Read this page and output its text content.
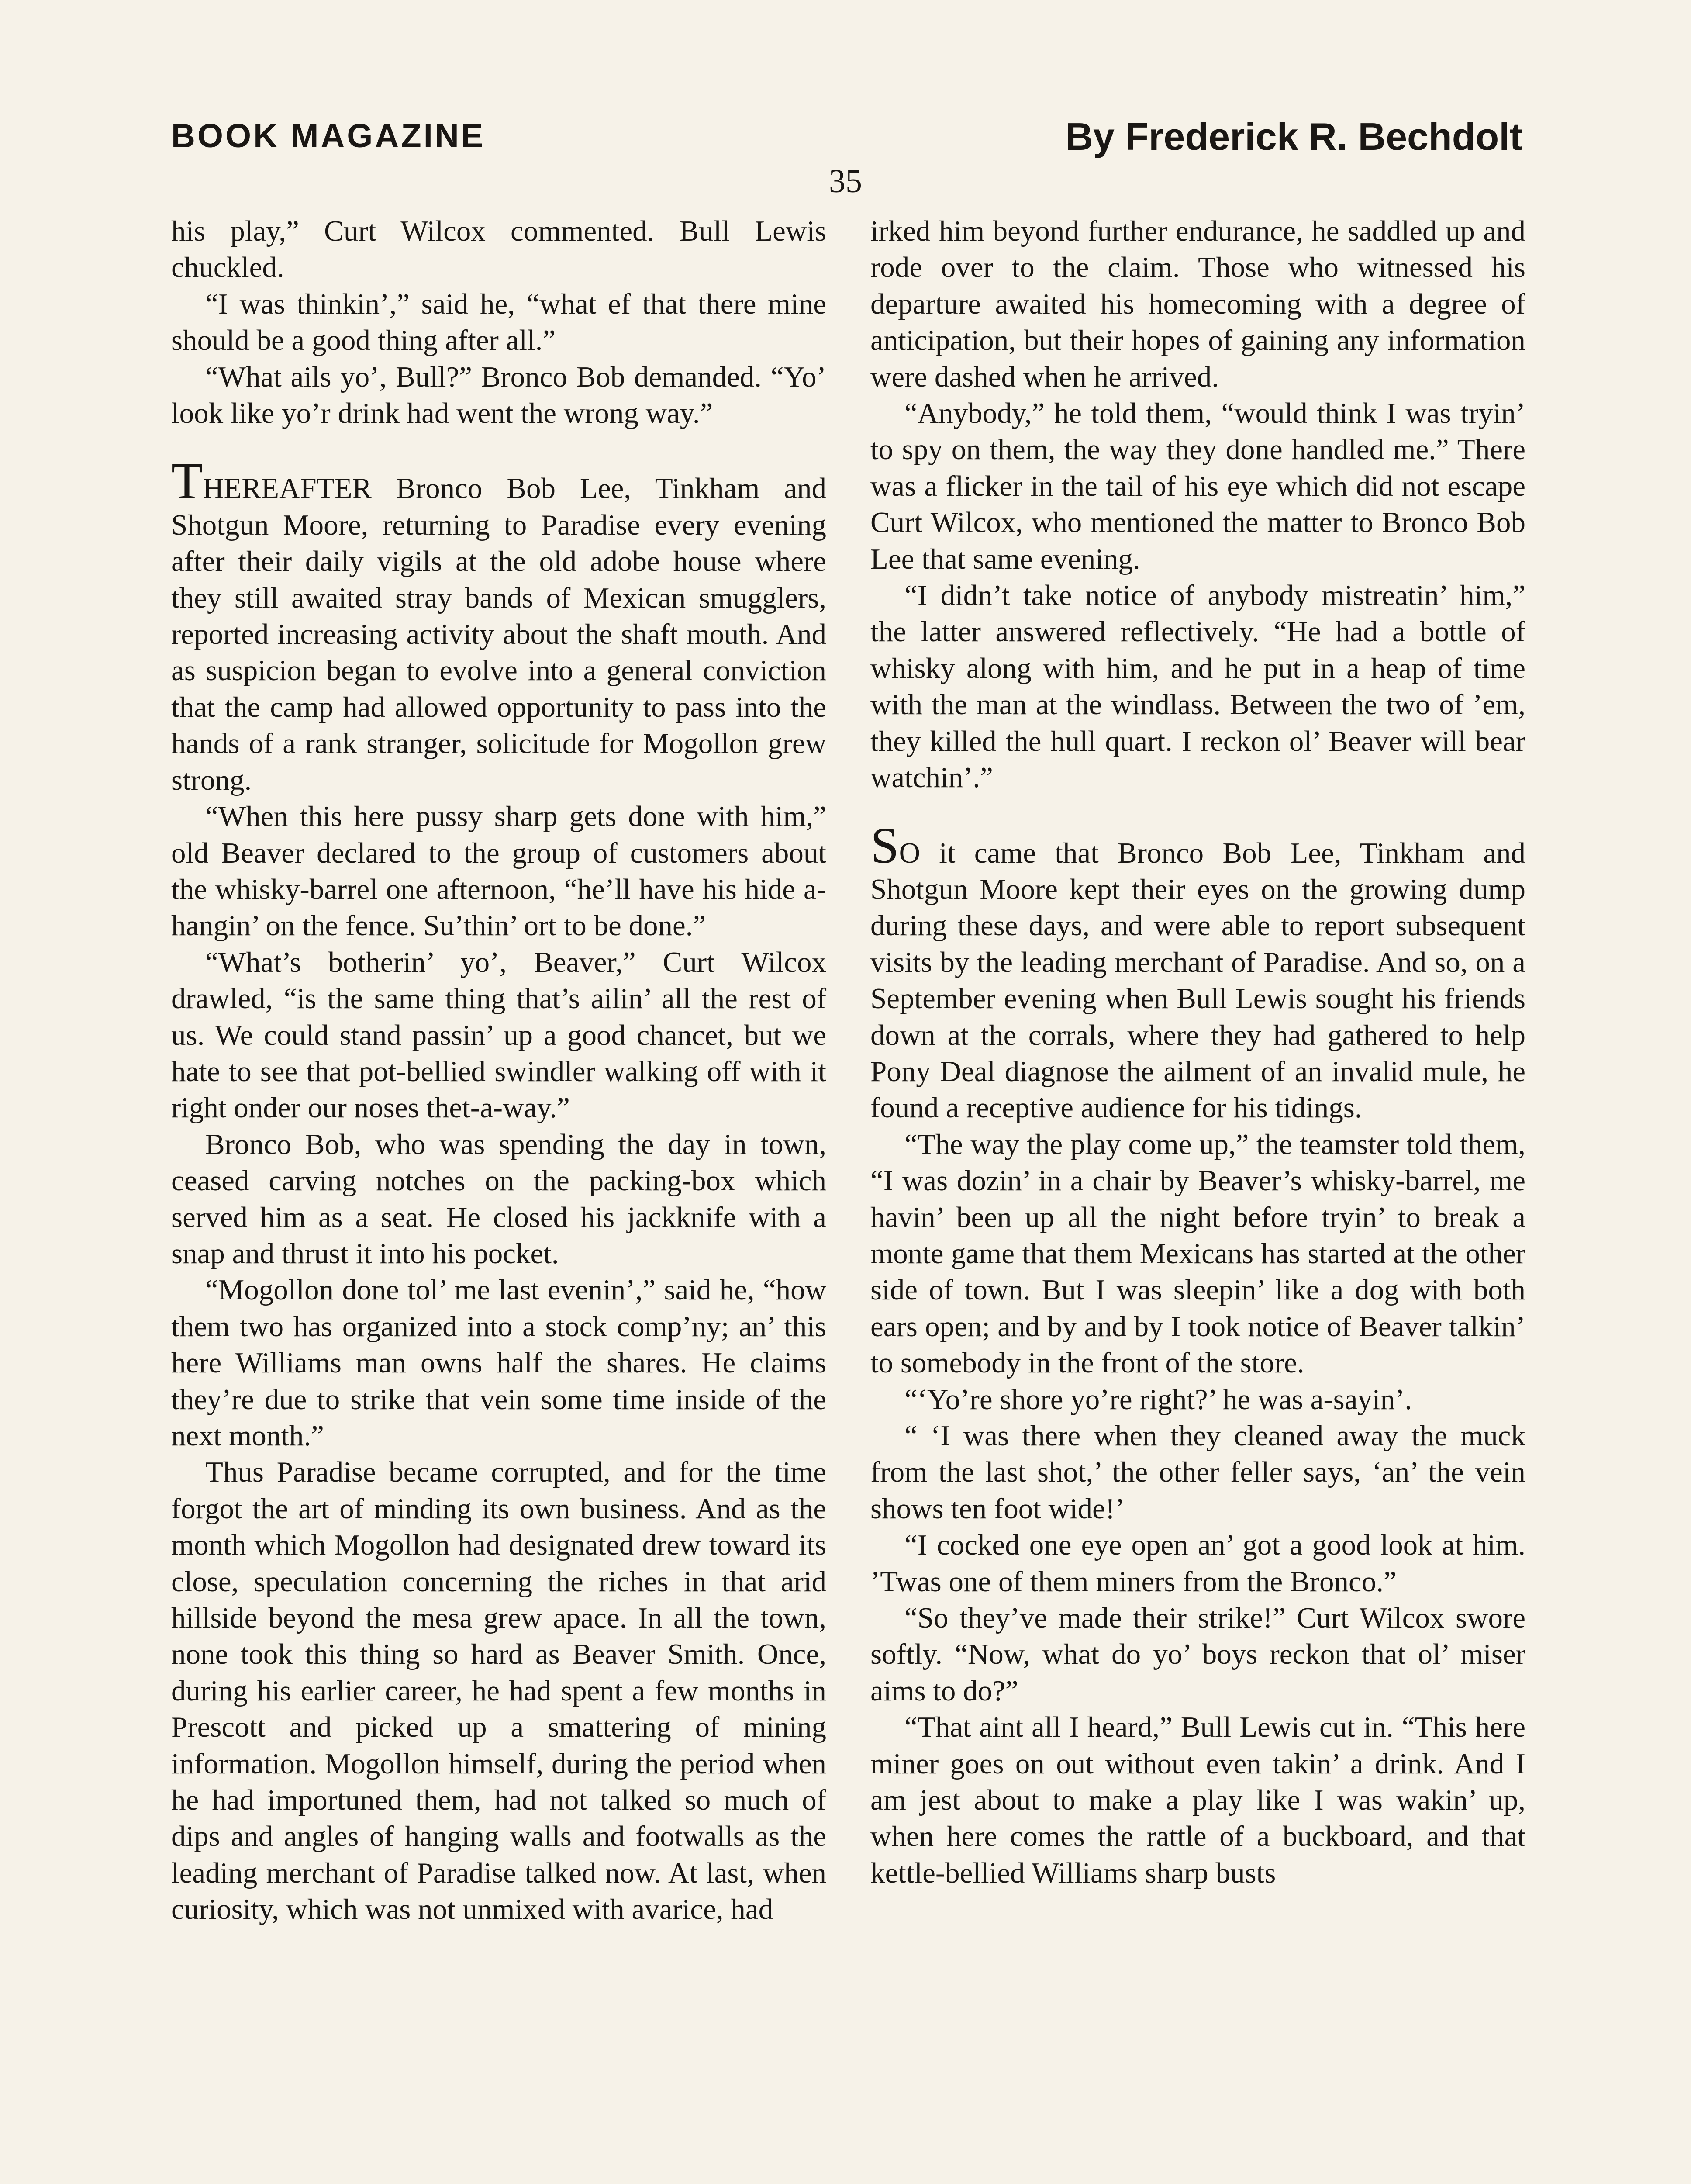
BOOK MAGAZINE	By Frederick R. Bechdolt
35

his play,” Curt Wilcox commented. Bull Lewis chuckled.

“I was thinkin’,” said he, “what ef that there mine should be a good thing after all.”

“What ails yo’, Bull?” Bronco Bob demanded. “Yo’ look like yo’r drink had went the wrong way.”

THEREAFTER Bronco Bob Lee, Tinkham and Shotgun Moore, returning to Paradise every evening after their daily vigils at the old adobe house where they still awaited stray bands of Mexican smugglers, reported increasing activity about the shaft mouth. And as suspicion began to evolve into a general conviction that the camp had allowed opportunity to pass into the hands of a rank stranger, solicitude for Mogollon grew strong.

“When this here pussy sharp gets done with him,” old Beaver declared to the group of customers about the whisky-barrel one afternoon, “he’ll have his hide a-hangin’ on the fence. Su’thin’ ort to be done.”

“What’s botherin’ yo’, Beaver,” Curt Wilcox drawled, “is the same thing that’s ailin’ all the rest of us. We could stand passin’ up a good chancet, but we hate to see that pot-bellied swindler walking off with it right onder our noses thet-a-way.”

Bronco Bob, who was spending the day in town, ceased carving notches on the packing-box which served him as a seat. He closed his jackknife with a snap and thrust it into his pocket.

“Mogollon done tol’ me last evenin’,” said he, “how them two has organized into a stock comp’ny; an’ this here Williams man owns half the shares. He claims they’re due to strike that vein some time inside of the next month.”

Thus Paradise became corrupted, and for the time forgot the art of minding its own business. And as the month which Mogollon had designated drew toward its close, speculation concerning the riches in that arid hillside beyond the mesa grew apace. In all the town, none took this thing so hard as Beaver Smith. Once, during his earlier career, he had spent a few months in Prescott and picked up a smattering of mining information. Mogollon himself, during the period when he had importuned them, had not talked so much of dips and angles of hanging walls and footwalls as the leading merchant of Paradise talked now. At last, when curiosity, which was not unmixed with avarice, had

irked him beyond further endurance, he saddled up and rode over to the claim. Those who witnessed his departure awaited his homecoming with a degree of anticipation, but their hopes of gaining any information were dashed when he arrived.

“Anybody,” he told them, “would think I was tryin’ to spy on them, the way they done handled me.” There was a flicker in the tail of his eye which did not escape Curt Wilcox, who mentioned the matter to Bronco Bob Lee that same evening.

“I didn’t take notice of anybody mistreatin’ him,” the latter answered reflectively. “He had a bottle of whisky along with him, and he put in a heap of time with the man at the windlass. Between the two of ’em, they killed the hull quart. I reckon ol’ Beaver will bear watchin’.”

SO it came that Bronco Bob Lee, Tinkham and Shotgun Moore kept their eyes on the growing dump during these days, and were able to report subsequent visits by the leading merchant of Paradise. And so, on a September evening when Bull Lewis sought his friends down at the corrals, where they had gathered to help Pony Deal diagnose the ailment of an invalid mule, he found a receptive audience for his tidings.

“The way the play come up,” the teamster told them, “I was dozin’ in a chair by Beaver’s whisky-barrel, me havin’ been up all the night before tryin’ to break a monte game that them Mexicans has started at the other side of town. But I was sleepin’ like a dog with both ears open; and by and by I took notice of Beaver talkin’ to somebody in the front of the store.

“‘Yo’re shore yo’re right?’ he was a-sayin’.

“ ‘I was there when they cleaned away the muck from the last shot,’ the other feller says, ‘an’ the vein shows ten foot wide!’

“I cocked one eye open an’ got a good look at him. ’Twas one of them miners from the Bronco.”

“So they’ve made their strike!” Curt Wilcox swore softly. “Now, what do yo’ boys reckon that ol’ miser aims to do?”

“That aint all I heard,” Bull Lewis cut in. “This here miner goes on out without even takin’ a drink. And I am jest about to make a play like I was wakin’ up, when here comes the rattle of a buckboard, and that kettle-bellied Williams sharp busts
